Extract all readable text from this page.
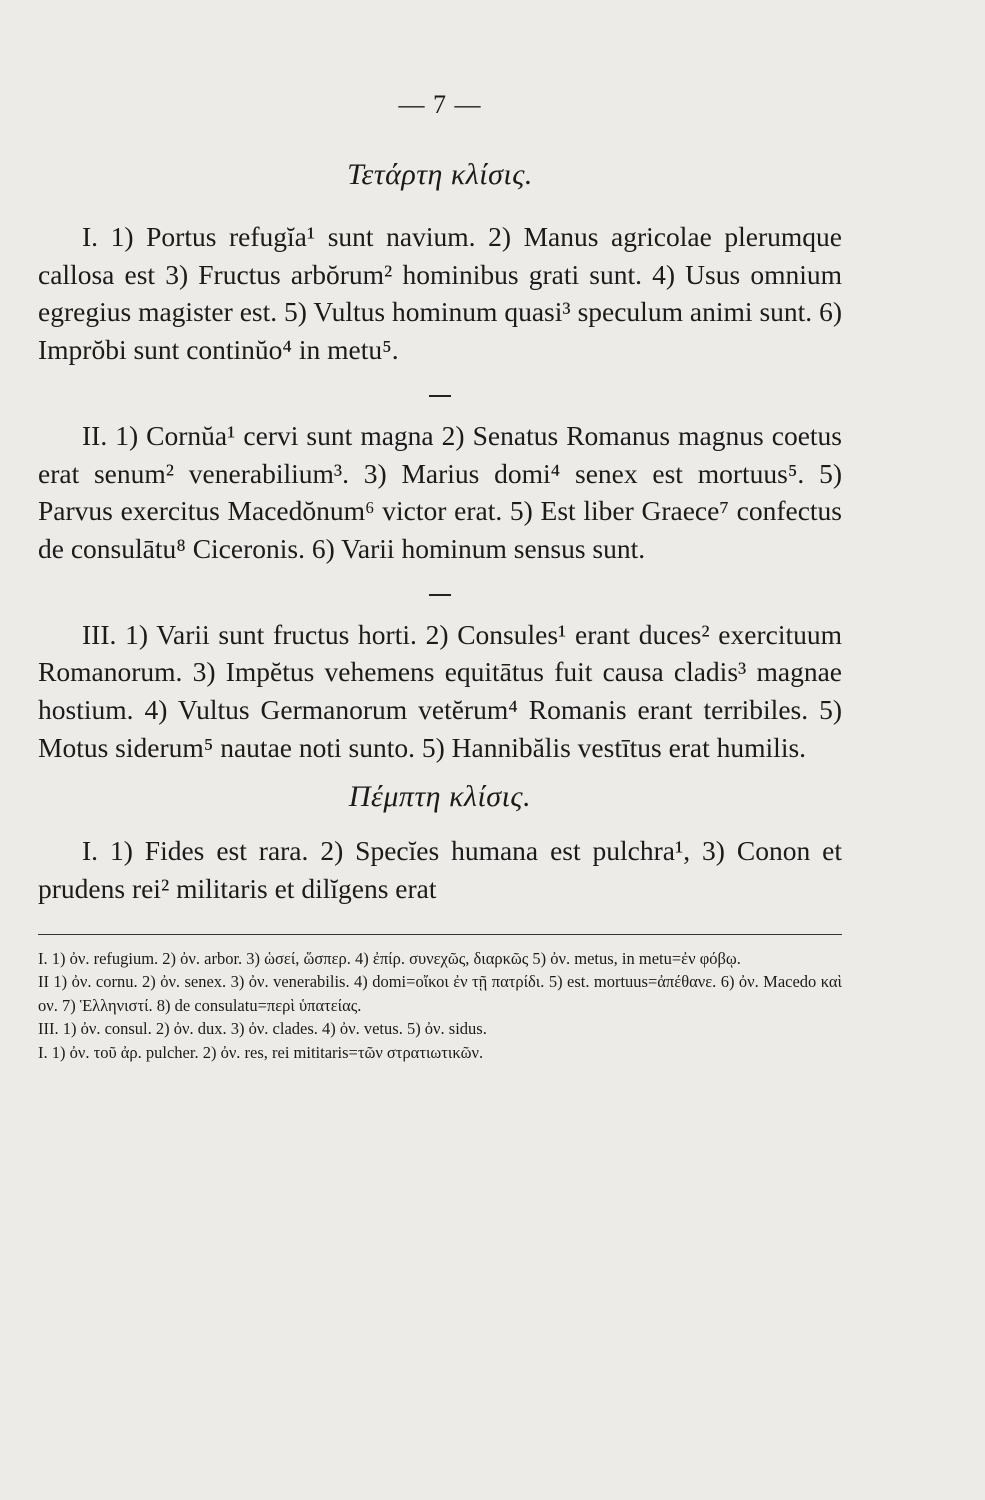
— 7 —
Τετάρτη κλίσις.

I. 1) Portus refugĭa¹ sunt navium. 2) Manus agricolae plerumque callosa est 3) Fructus arbŏrum² hominibus grati sunt. 4) Usus omnium egregius magister est. 5) Vultus hominum quasi³ speculum animi sunt. 6) Imprŏbi sunt continŭo⁴ in metu⁵.

II. 1) Cornŭa¹ cervi sunt magna 2) Senatus Romanus magnus coetus erat senum² venerabilium³. 3) Marius domi⁴ senex est mortuus⁵. 5) Parvus exercitus Macedŏnum⁶ victor erat. 5) Est liber Graece⁷ confectus de consulātu⁸ Ciceronis. 6) Varii hominum sensus sunt.

III. 1) Varii sunt fructus horti. 2) Consules¹ erant duces² exercituum Romanorum. 3) Impĕtus vehemens equitātus fuit causa cladis³ magnae hostium. 4) Vultus Germanorum vetĕrum⁴ Romanis erant terribiles. 5) Motus siderum⁵ nautae noti sunto. 5) Hannibălis vestītus erat humilis.

Πέμπτη κλίσις.

I. 1) Fides est rara. 2) Specĭes humana est pulchra¹, 3) Conon et prudens rei² militaris et dilĭgens erat

I. 1) ὀν. refugium. 2) ὀν. arbor. 3) ὡσεί, ὥσπερ. 4) ἐπίρ. συνεχῶς, διαρκῶς 5) ὀν. metus, in metu=ἐν φόβῳ.

II 1) ὀν. cornu. 2) ὀν. senex. 3) ὀν. venerabilis. 4) domi=οἴκοι ἐν τῇ πατρίδι. 5) est. mortuus=ἀπέθανε. 6) ὀν. Macedo καὶ ον. 7) Ἑλληνιστί. 8) de consulatu=περὶ ὑπατείας.

III. 1) ὀν. consul. 2) ὀν. dux. 3) ὀν. clades. 4) ὀν. vetus. 5) ὀν. sidus.

I. 1) ὀν. τοῦ ἀρ. pulcher. 2) ὀν. res, rei mititaris=τῶν στρατιωτικῶν.
